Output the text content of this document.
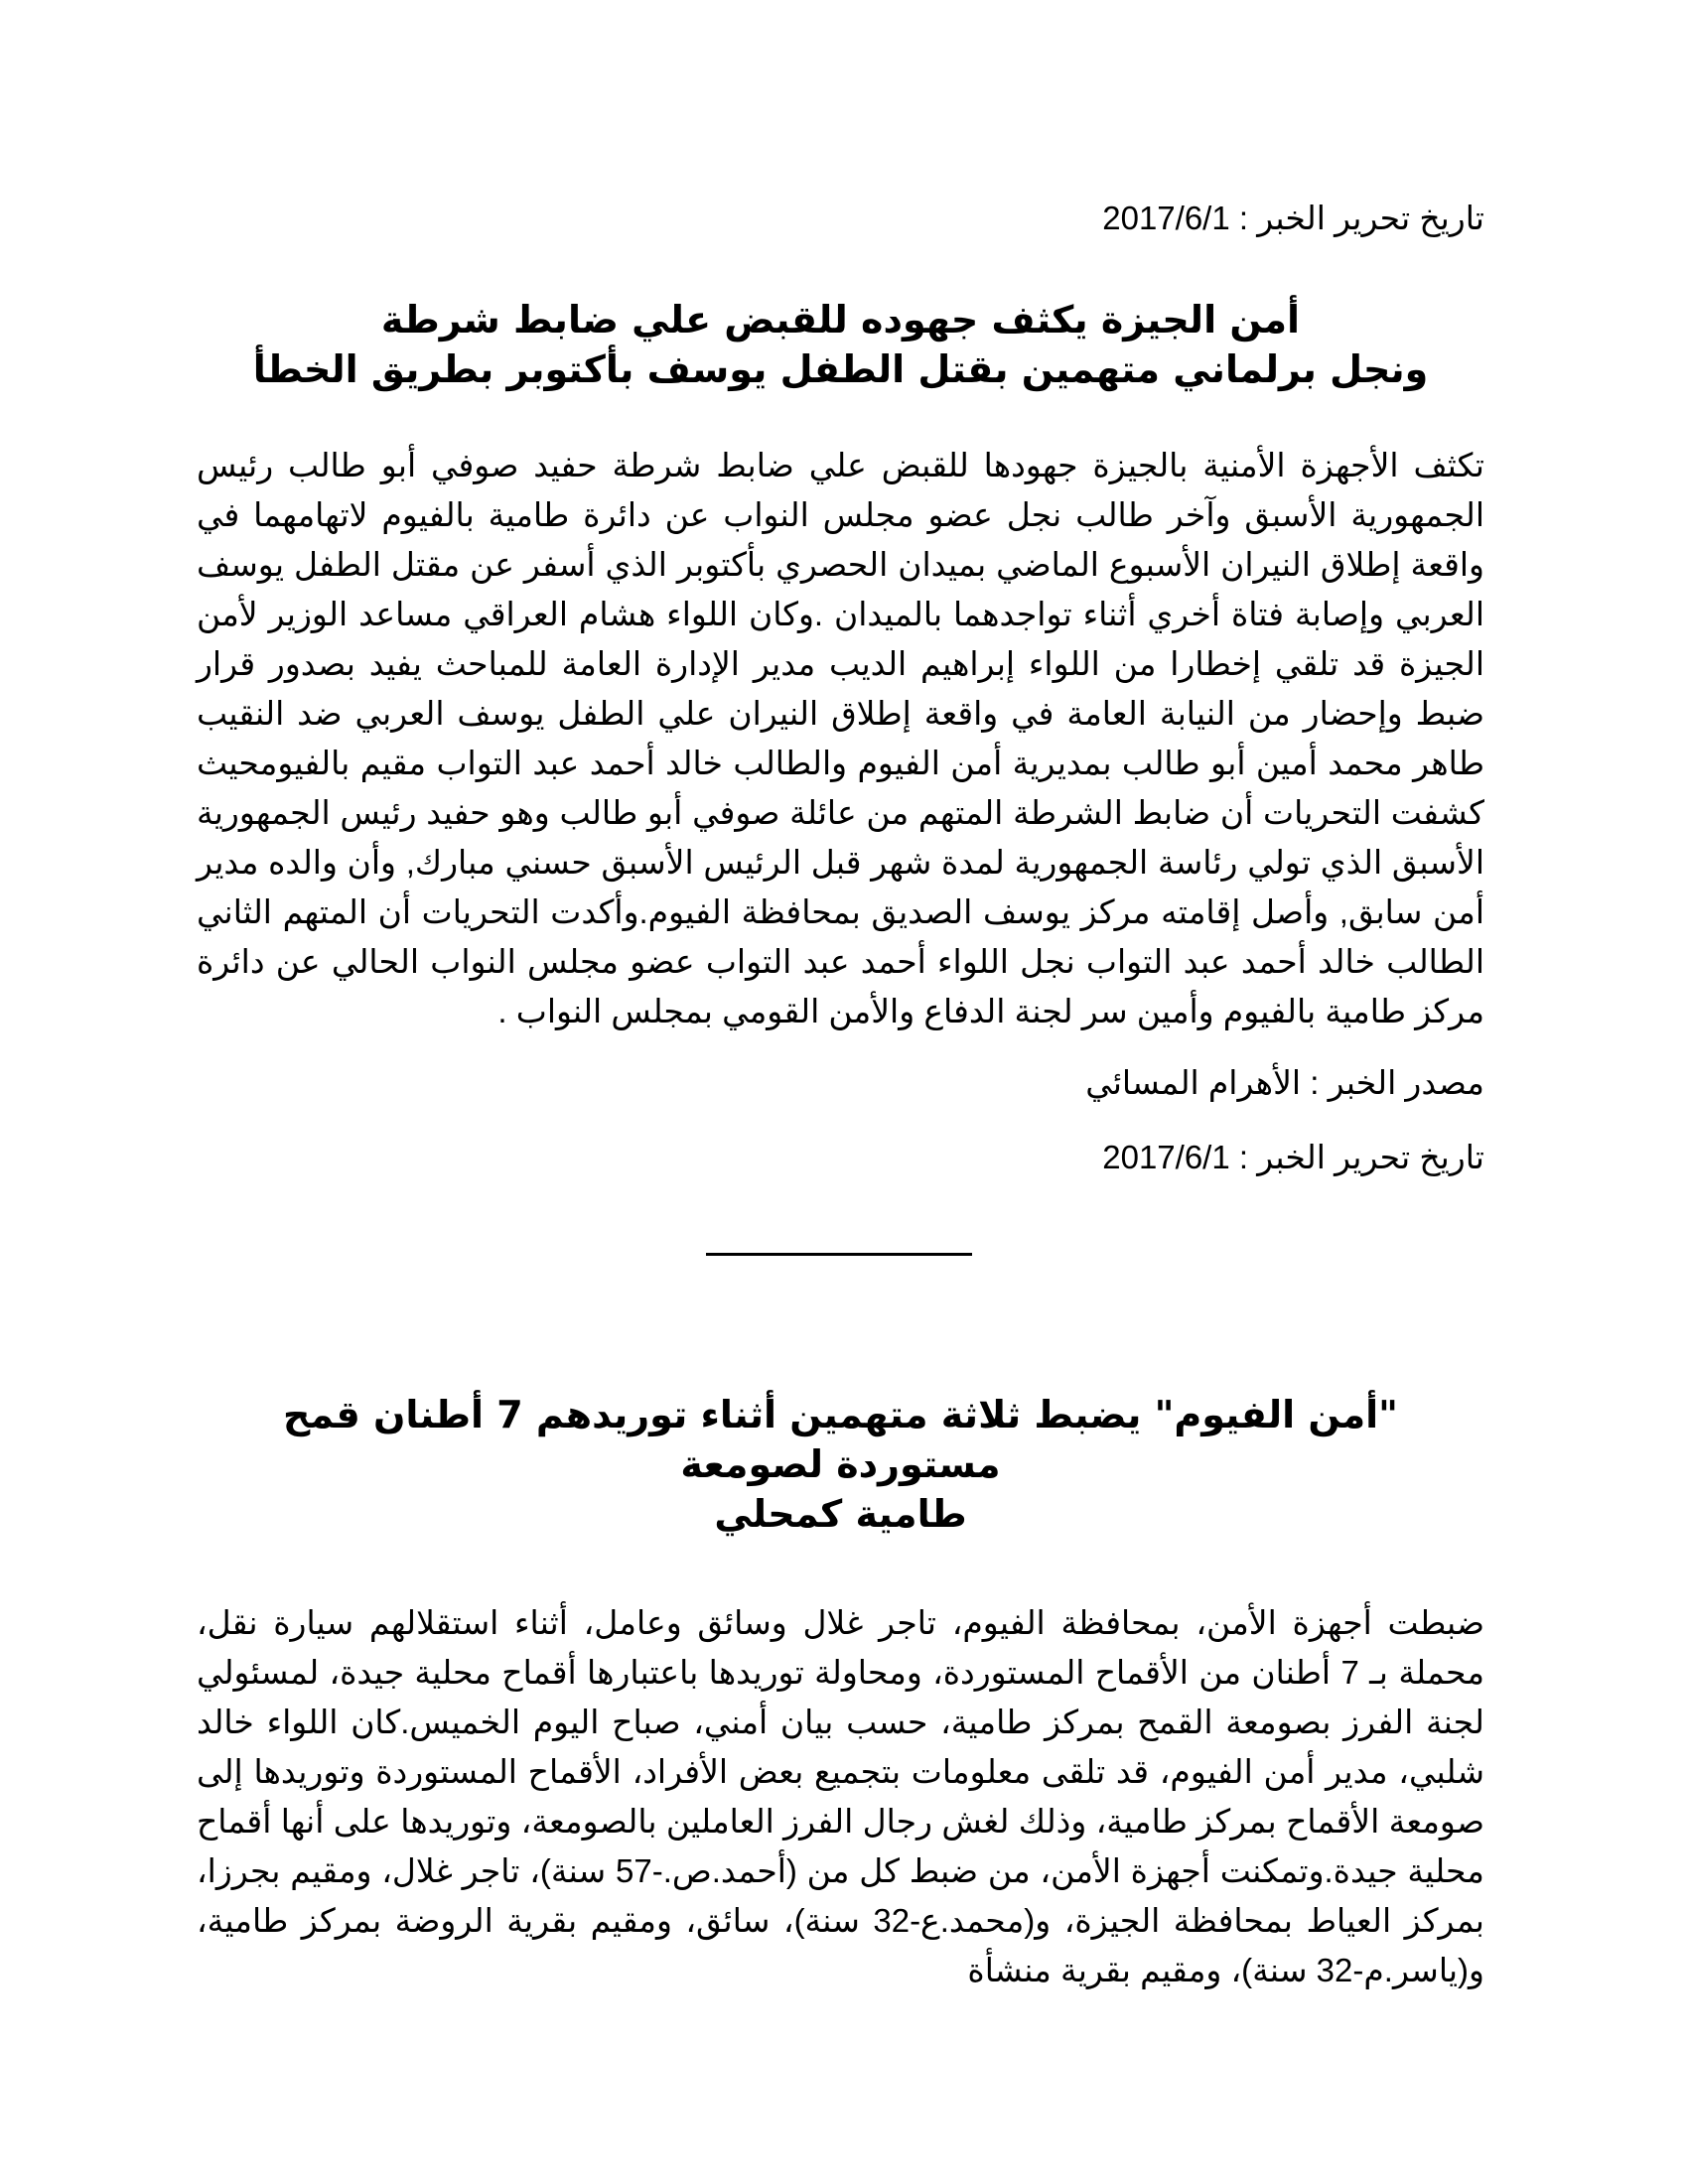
تاريخ تحرير الخبر : 2017/6/1

أمن الجيزة يكثف جهوده للقبض علي ضابط شرطة
ونجل برلماني متهمين بقتل الطفل يوسف بأكتوبر بطريق الخطأ

تكثف الأجهزة الأمنية بالجيزة جهودها للقبض علي ضابط شرطة حفيد صوفي أبو طالب رئيس الجمهورية الأسبق وآخر طالب نجل عضو مجلس النواب عن دائرة طامية بالفيوم لاتهامهما في واقعة إطلاق النيران الأسبوع الماضي بميدان الحصري بأكتوبر الذي أسفر عن مقتل الطفل يوسف العربي وإصابة فتاة أخري أثناء تواجدهما بالميدان .وكان اللواء هشام العراقي مساعد الوزير لأمن الجيزة قد تلقي إخطارا من اللواء إبراهيم الديب مدير الإدارة العامة للمباحث يفيد بصدور قرار ضبط وإحضار من النيابة العامة في واقعة إطلاق النيران علي الطفل يوسف العربي ضد النقيب طاهر محمد أمين أبو طالب بمديرية أمن الفيوم والطالب خالد أحمد عبد التواب مقيم بالفيومحيث كشفت التحريات أن ضابط الشرطة المتهم من عائلة صوفي أبو طالب وهو حفيد رئيس الجمهورية الأسبق الذي تولي رئاسة الجمهورية لمدة شهر قبل الرئيس الأسبق حسني مبارك, وأن والده مدير أمن سابق, وأصل إقامته مركز يوسف الصديق بمحافظة الفيوم.وأكدت التحريات أن المتهم الثاني الطالب خالد أحمد عبد التواب نجل اللواء أحمد عبد التواب عضو مجلس النواب الحالي عن دائرة مركز طامية بالفيوم وأمين سر لجنة الدفاع والأمن القومي بمجلس النواب .

مصدر الخبر : الأهرام المسائي

تاريخ تحرير الخبر : 2017/6/1

"أمن الفيوم" يضبط ثلاثة متهمين أثناء توريدهم 7 أطنان قمح مستوردة لصومعة
طامية كمحلي

ضبطت أجهزة الأمن، بمحافظة الفيوم، تاجر غلال وسائق وعامل، أثناء استقلالهم سيارة نقل، محملة بـ 7 أطنان من الأقماح المستوردة، ومحاولة توريدها باعتبارها أقماح محلية جيدة، لمسئولي لجنة الفرز بصومعة القمح بمركز طامية، حسب بيان أمني، صباح اليوم الخميس.كان اللواء خالد شلبي، مدير أمن الفيوم، قد تلقى معلومات بتجميع بعض الأفراد، الأقماح المستوردة وتوريدها إلى صومعة الأقماح بمركز طامية، وذلك لغش رجال الفرز العاملين بالصومعة، وتوريدها على أنها أقماح محلية جيدة.وتمكنت أجهزة الأمن، من ضبط كل من (أحمد.ص.-57 سنة)، تاجر غلال، ومقيم بجرزا، بمركز العياط بمحافظة الجيزة، و(محمد.ع-32 سنة)، سائق، ومقيم بقرية الروضة بمركز طامية، و(ياسر.م-32 سنة)، ومقيم بقرية منشأة
